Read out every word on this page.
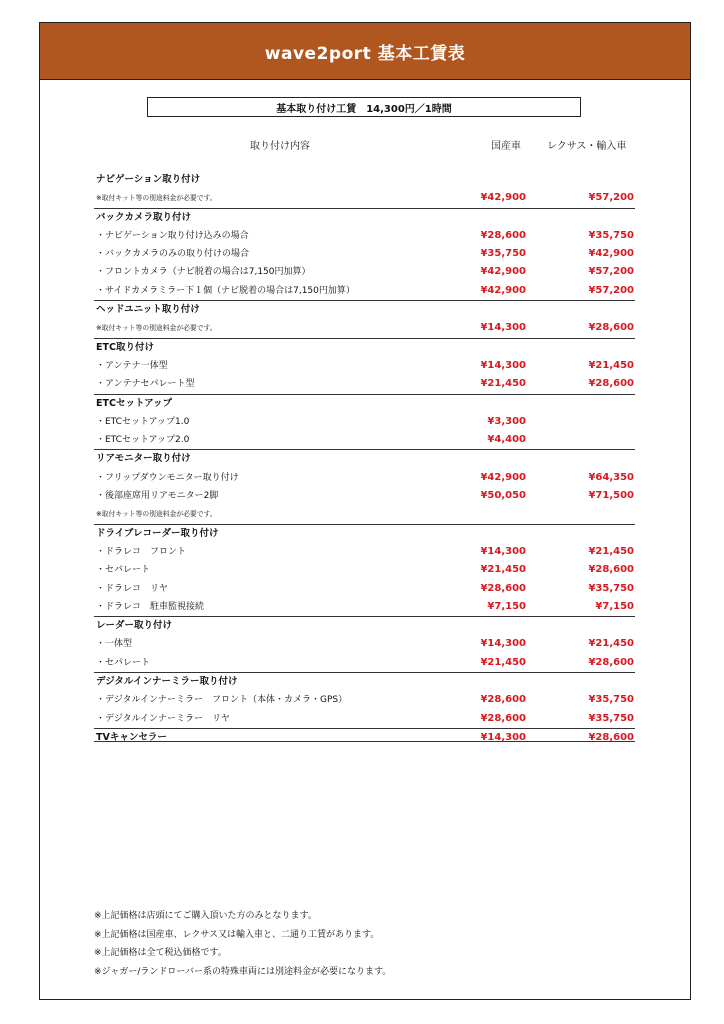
wave2port 基本工賃表
基本取り付け工賃　14,300円／1時間
取り付け内容	国産車	レクサス・輸入車
ナビゲーション取り付け
※取付キット等の別途料金が必要です。	¥42,900	¥57,200
バックカメラ取り付け
・ナビゲーション取り付け込みの場合	¥28,600	¥35,750
・バックカメラのみの取り付けの場合	¥35,750	¥42,900
・フロントカメラ（ナビ脱着の場合は7,150円加算）	¥42,900	¥57,200
・サイドカメラミラー下１個（ナビ脱着の場合は7,150円加算）	¥42,900	¥57,200
ヘッドユニット取り付け
※取付キット等の別途料金が必要です。	¥14,300	¥28,600
ETC取り付け
・アンテナ一体型	¥14,300	¥21,450
・アンテナセパレート型	¥21,450	¥28,600
ETCセットアップ
・ETCセットアップ1.0	¥3,300
・ETCセットアップ2.0	¥4,400
リアモニター取り付け
・フリップダウンモニター取り付け	¥42,900	¥64,350
・後部座席用リアモニター2脚	¥50,050	¥71,500
※取付キット等の別途料金が必要です。
ドライブレコーダー取り付け
・ドラレコ　フロント	¥14,300	¥21,450
・セパレート	¥21,450	¥28,600
・ドラレコ　リヤ	¥28,600	¥35,750
・ドラレコ　駐車監視接続	¥7,150	¥7,150
レーダー取り付け
・一体型	¥14,300	¥21,450
・セパレート	¥21,450	¥28,600
デジタルインナーミラー取り付け
・デジタルインナーミラー　フロント（本体・カメラ・GPS）	¥28,600	¥35,750
・デジタルインナーミラー　リヤ	¥28,600	¥35,750
TVキャンセラー	¥14,300	¥28,600
※上記価格は店頭にてご購入頂いた方のみとなります。
※上記価格は国産車、レクサス又は輸入車と、二通り工賃があります。
※上記価格は全て税込価格です。
※ジャガー/ランドローバー系の特殊車両には別途料金が必要になります。
